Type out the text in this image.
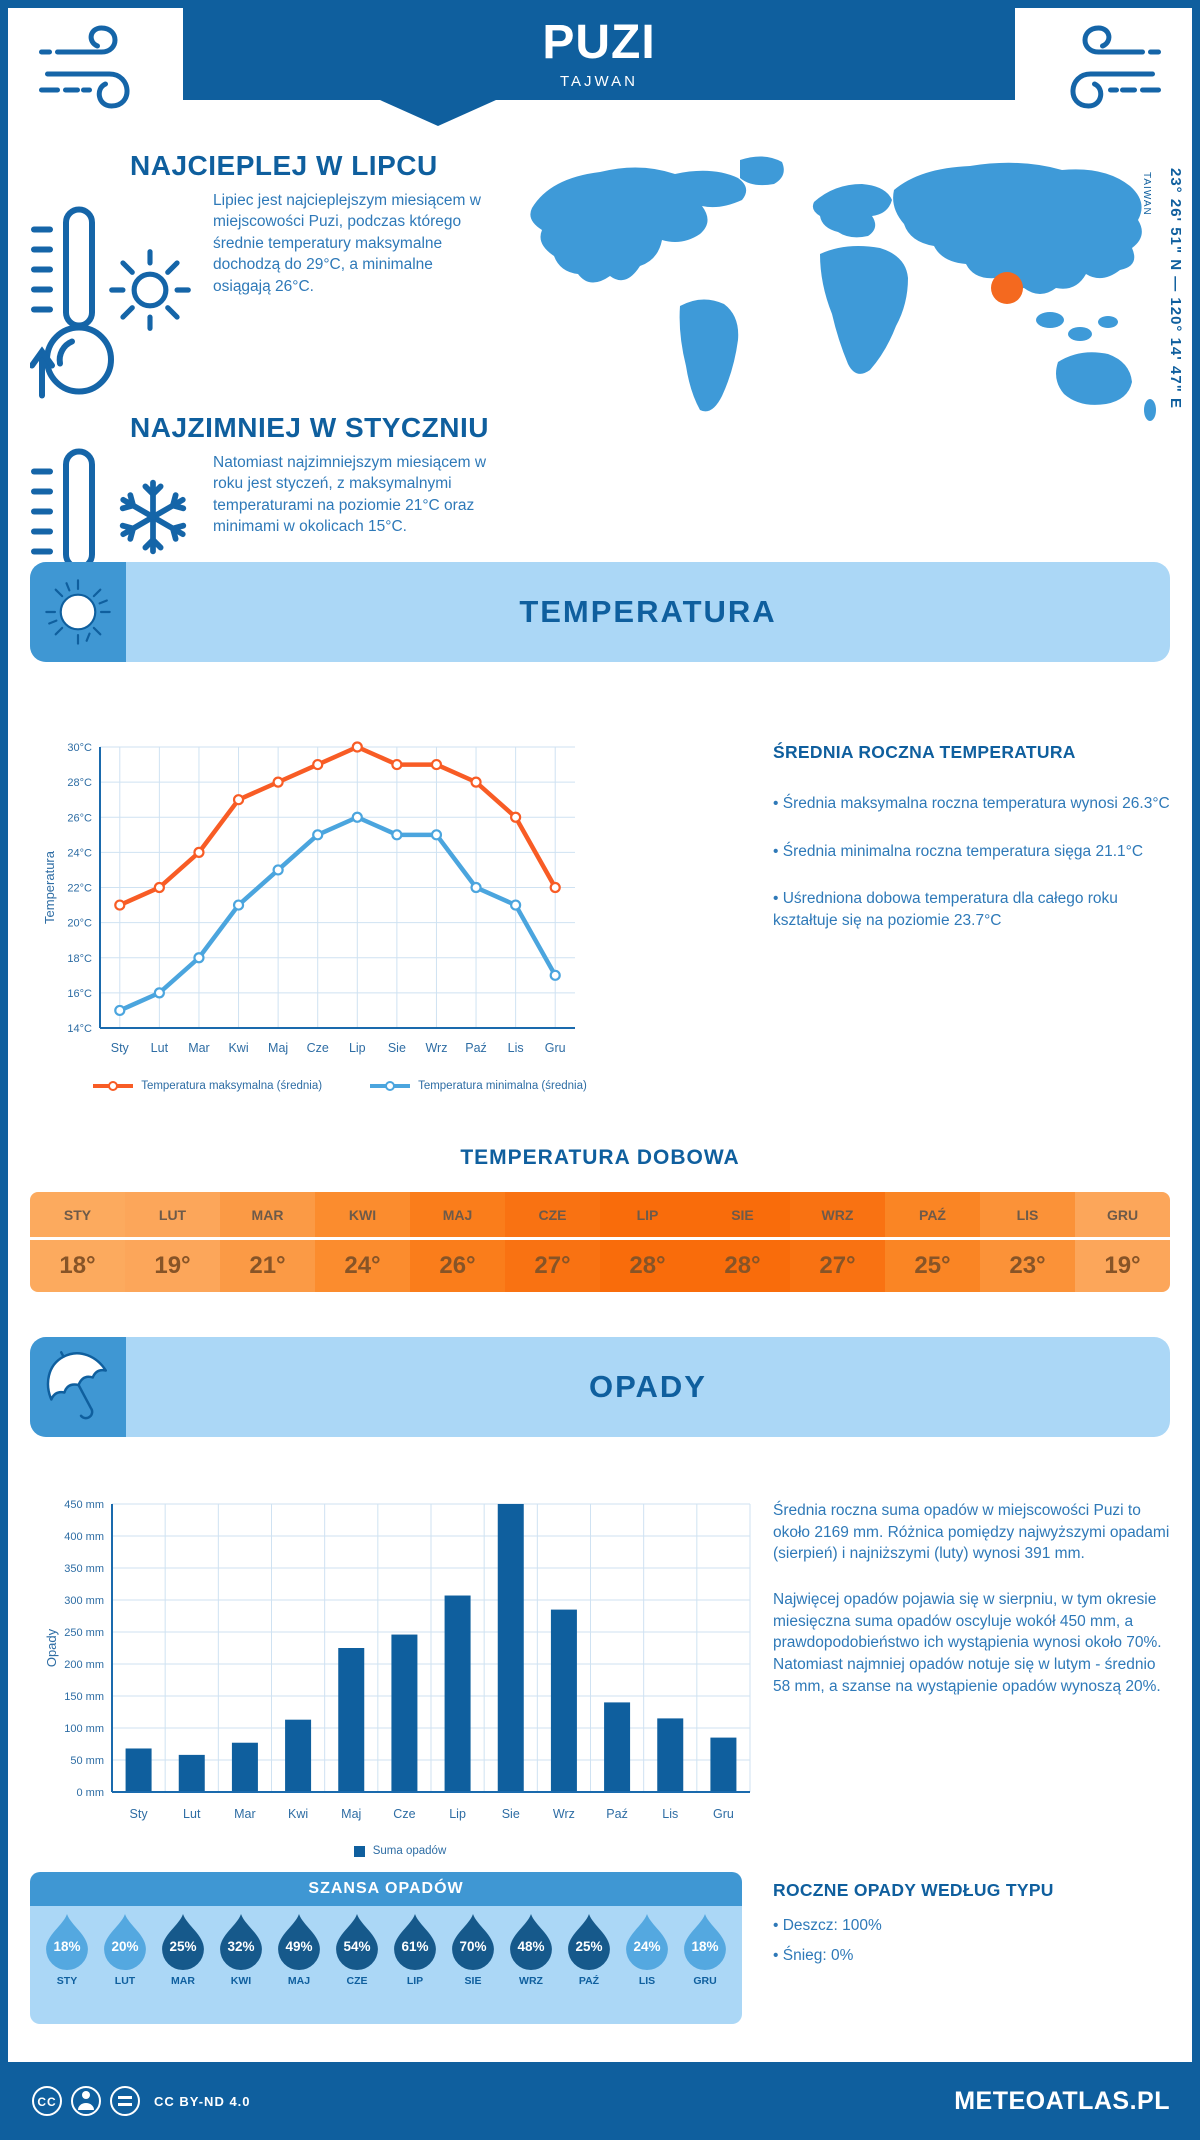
PUZI
TAJWAN
NAJCIEPLEJ W LIPCU
Lipiec jest najcieplejszym miesiącem w miejscowości Puzi, podczas którego średnie temperatury maksymalne dochodzą do 29°C, a minimalne osiągają 26°C.
NAJZIMNIEJ W STYCZNIU
Natomiast najzimniejszym miesiącem w roku jest styczeń, z maksymalnymi temperaturami na poziomie 21°C oraz minimami w okolicach 15°C.
23° 26' 51" N — 120° 14' 47" E
TAIWAN
TEMPERATURA
14°C
16°C
18°C
20°C
22°C
24°C
26°C
28°C
30°C
Sty Lut Mar Kwi Maj Cze Lip Sie Wrz Paź Lis Gru
Temperatura
Temperatura maksymalna (średnia)	Temperatura minimalna (średnia)
ŚREDNIA ROCZNA TEMPERATURA

• Średnia maksymalna roczna temperatura wynosi 26.3°C

• Średnia minimalna roczna temperatura sięga 21.1°C

• Uśredniona dobowa temperatura dla całego roku kształtuje się na poziomie 23.7°C

TEMPERATURA DOBOWA
STY
18°
LUT
19°
MAR
21°
KWI
24°
MAJ
26°
CZE
27°
LIP
28°
SIE
28°
WRZ
27°
PAŹ
25°
LIS
23°
GRU
19°
OPADY
0 mm
50 mm
100 mm
150 mm
200 mm
250 mm
300 mm
350 mm
400 mm
450 mm
Sty	Lut	Mar	Kwi	Maj	Cze	Lip	Sie	Wrz	Paź	Lis	Gru
Opady
Suma opadów

Średnia roczna suma opadów w miejscowości Puzi to około 2169 mm. Różnica pomiędzy najwyższymi opadami (sierpień) i najniższymi (luty) wynosi 391 mm.

Najwięcej opadów pojawia się w sierpniu, w tym okresie miesięczna suma opadów oscyluje wokół 450 mm, a prawdopodobieństwo ich wystąpienia wynosi około 70%. Natomiast najmniej opadów notuje się w lutym - średnio 58 mm, a szanse na wystąpienie opadów wynoszą 20%.

ROCZNE OPADY WEDŁUG TYPU

• Deszcz: 100%

• Śnieg: 0%

SZANSA OPADÓW
18%
STY
20%
LUT
25%
MAR
32%
KWI
49%
MAJ
54%
CZE
61%
LIP
70%
SIE
48%
WRZ
25%
PAŹ
24%
LIS
18%
GRU
CC	CC BY-ND 4.0	METEOATLAS.PL
